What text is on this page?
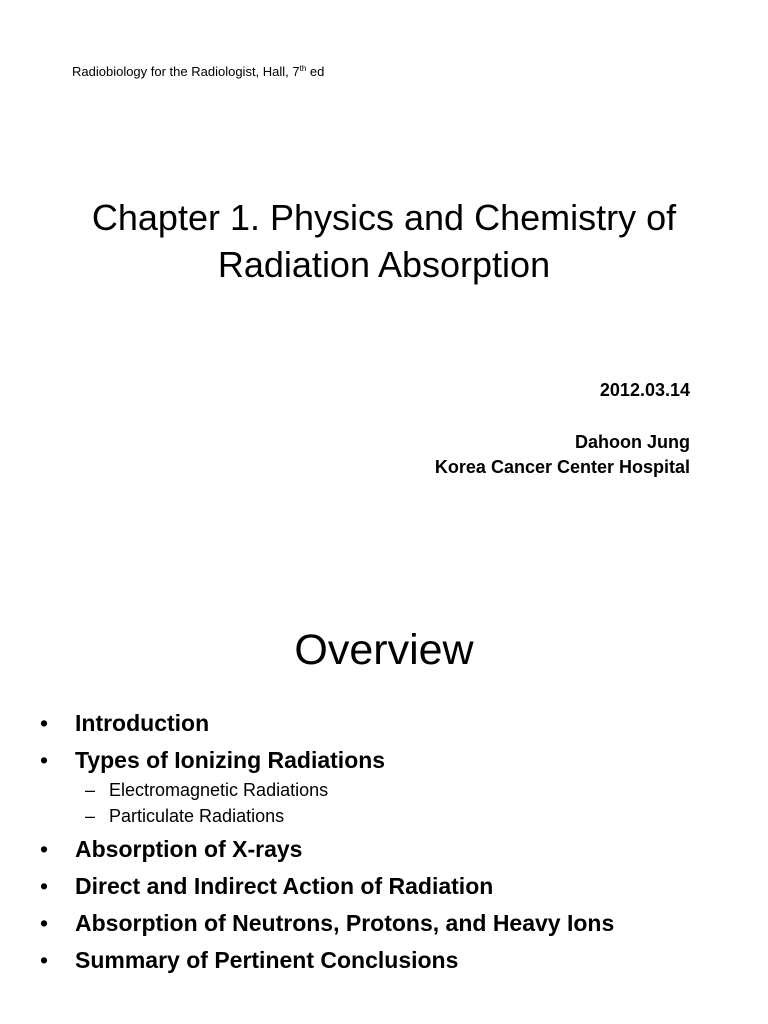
Radiobiology for the Radiologist, Hall, 7th ed
Chapter 1. Physics and Chemistry of
Radiation Absorption
2012.03.14
Dahoon Jung
Korea Cancer Center Hospital
Overview
• Introduction
• Types of Ionizing Radiations
– Electromagnetic Radiations
– Particulate Radiations
• Absorption of X-rays
• Direct and Indirect Action of Radiation
• Absorption of Neutrons, Protons, and Heavy Ions
• Summary of Pertinent Conclusions
